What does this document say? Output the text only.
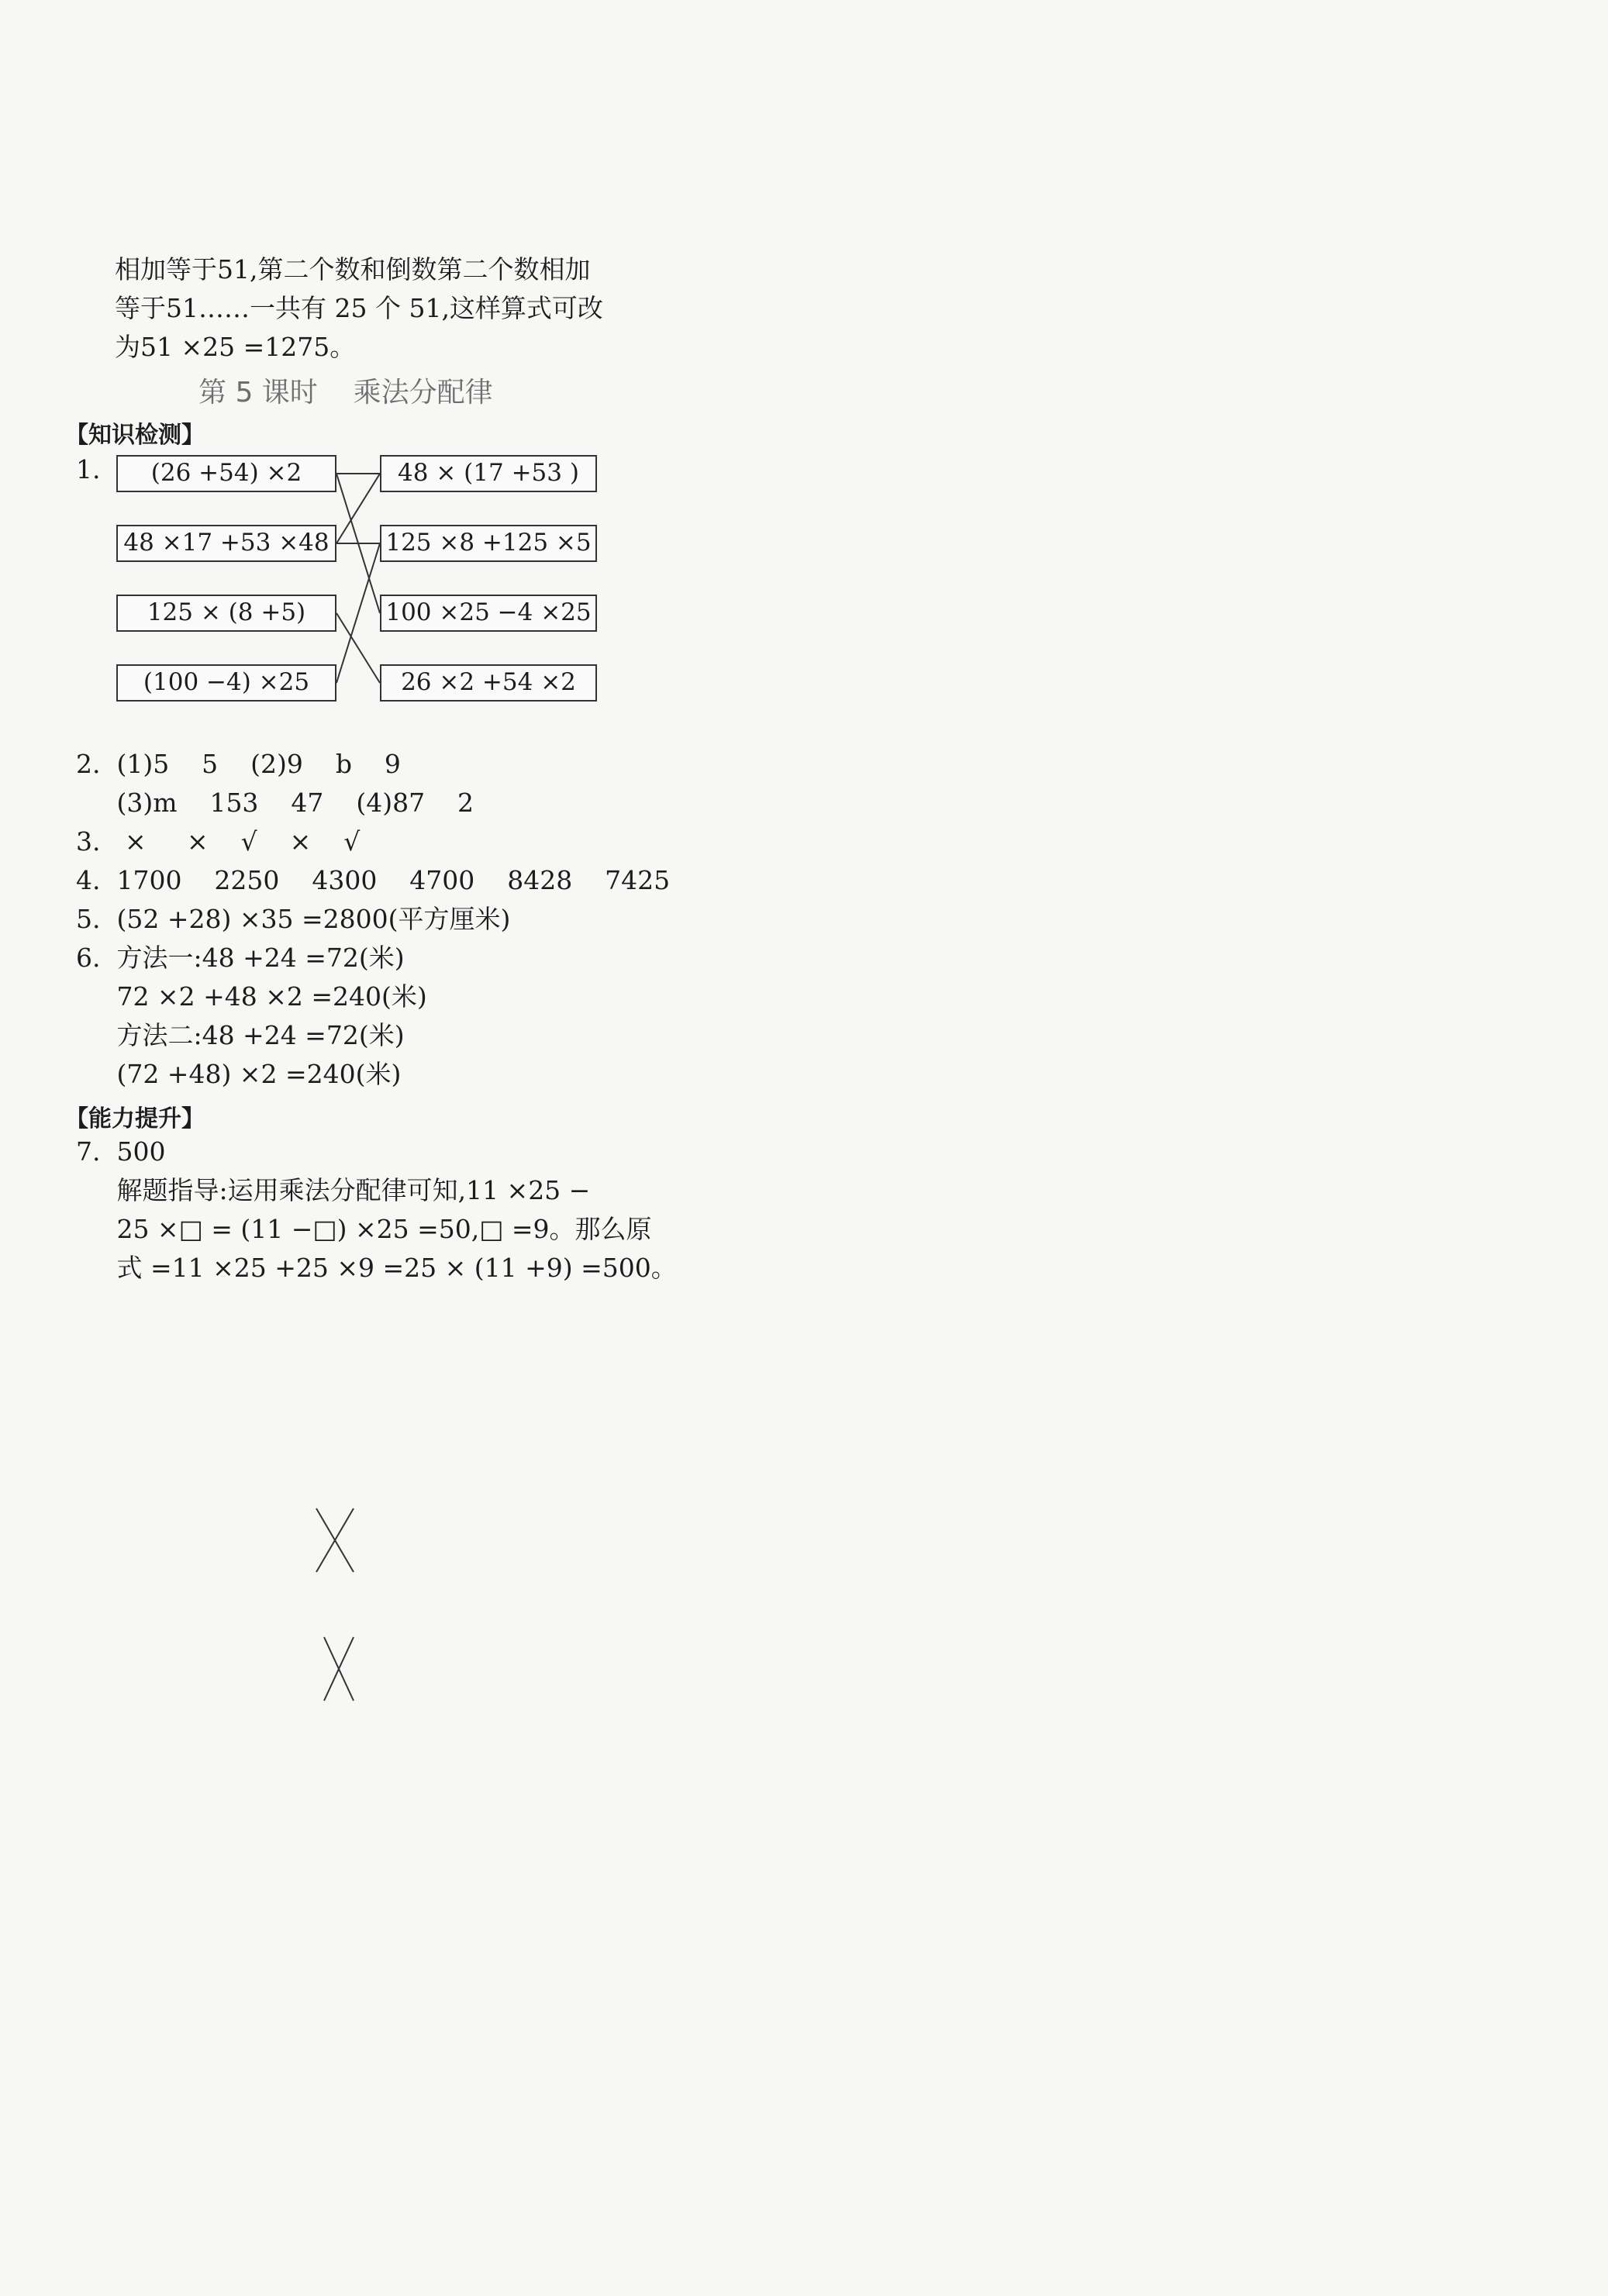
相加等于51,第二个数和倒数第二个数相加
等于51……一共有 25 个 51,这样算式可改
为51 ×25 =1275。
第 5 课时    乘法分配律
【知识检测】
1.	(26 +54) ×2
48 ×17 +53 ×48
125 × (8 +5)
(100 −4) ×25
48 × (17 +53 )
125 ×8 +125 ×5
100 ×25 −4 ×25
26 ×2 +54 ×2
2.  (1)5    5    (2)9    b    9
(3)m    153    47    (4)87    2
3.   ×     ×    √    ×    √
4.  1700    2250    4300    4700    8428    7425
5.  (52 +28) ×35 =2800(平方厘米)
6.  方法一:48 +24 =72(米)
72 ×2 +48 ×2 =240(米)
方法二:48 +24 =72(米)
(72 +48) ×2 =240(米)
【能力提升】
7.  500
解题指导:运用乘法分配律可知,11 ×25 −
25 ×□ = (11 −□) ×25 =50,□ =9。那么原
式 =11 ×25 +25 ×9 =25 × (11 +9) =500。
